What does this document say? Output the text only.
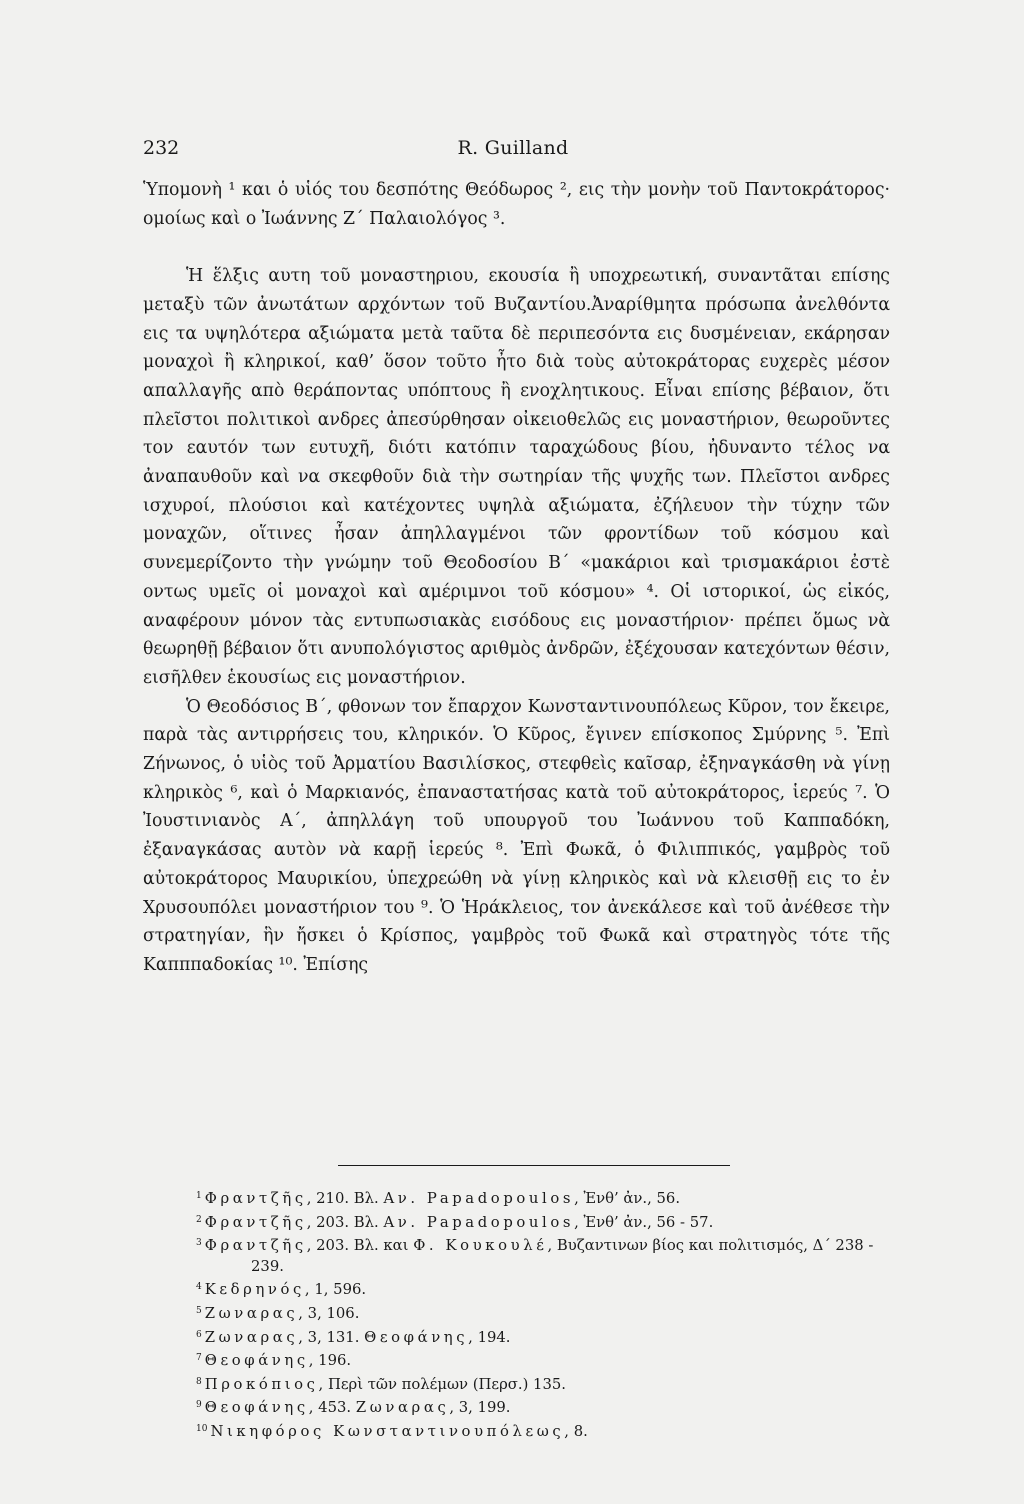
232	R. Guilland

Ὑπομονὴ ¹ και ὁ υἱός του δεσπότης Θεόδωρος ², εις τὴν μονὴν τοῦ Παντοκράτορος· ομοίως καὶ ο Ἰωάννης Ζ´ Παλαιολόγος ³.

Ἡ ἕλξις αυτη τοῦ μοναστηριου, εκουσία ἢ υποχρεωτική, συναντᾶται επίσης μεταξὺ τῶν ἀνωτάτων αρχόντων τοῦ Βυζαντίου.Ἀναρίθμητα πρόσωπα ἀνελθόντα εις τα υψηλότερα αξιώματα μετὰ ταῦτα δὲ περιπεσόντα εις δυσμένειαν, εκάρησαν μοναχοὶ ἢ κληρικοί, καθ’ ὅσον τοῦτο ἦτο διὰ τοὺς αὐτοκράτορας ευχερὲς μέσον απαλλαγῆς απὸ θεράποντας υπόπτους ἢ ενοχλητικους. Εἶναι επίσης βέβαιον, ὅτι πλεῖστοι πολιτικοὶ ανδρες ἀπεσύρθησαν οἰκειοθελῶς εις μοναστήριον, θεωροῦντες τον εαυτόν των ευτυχῆ, διότι κατόπιν ταραχώδους βίου, ἠδυναντο τέλος να ἀναπαυθοῦν καὶ να σκεφθοῦν διὰ τὴν σωτηρίαν τῆς ψυχῆς των. Πλεῖστοι ανδρες ισχυροί, πλούσιοι καὶ κατέχοντες υψηλὰ αξιώματα, ἐζήλευον τὴν τύχην τῶν μοναχῶν, οἵτινες ἦσαν ἀπηλλαγμένοι τῶν φροντίδων τοῦ κόσμου καὶ συνεμερίζοντο τὴν γνώμην τοῦ Θεοδοσίου Β´ «μακάριοι καὶ τρισμακάριοι ἐστὲ οντως υμεῖς οἱ μοναχοὶ καὶ αμέριμνοι τοῦ κόσμου» ⁴. Οἱ ιστορικοί, ὡς εἰκός, αναφέρουν μόνον τὰς εντυπωσιακὰς εισόδους εις μοναστήριον· πρέπει ὅμως νὰ θεωρηθῇ βέβαιον ὅτι ανυπολόγιστος αριθμὸς ἀνδρῶν, ἐξέχουσαν κατεχόντων θέσιν, εισῆλθεν ἑκουσίως εις μοναστήριον.

Ὁ Θεοδόσιος Β´, φθονων τον ἔπαρχον Κωνσταντινουπόλεως Κῦρον, τον ἔκειρε, παρὰ τὰς αντιρρήσεις του, κληρικόν. Ὁ Κῦρος, ἔγινεν επίσκοπος Σμύρνης ⁵. Ἐπὶ Ζήνωνος, ὁ υἱὸς τοῦ Ἀρματίου Βασιλίσκος, στεφθεὶς καῖσαρ, ἐξηναγκάσθη νὰ γίνῃ κληρικὸς ⁶, καὶ ὁ Μαρκιανός, ἐπαναστατήσας κατὰ τοῦ αὐτοκράτορος, ἱερεύς ⁷. Ὁ Ἰουστινιανὸς Α´, ἀπηλλάγη τοῦ υπουργοῦ του Ἰωάννου τοῦ Καππαδόκη, ἐξαναγκάσας αυτὸν νὰ καρῇ ἱερεύς ⁸. Ἐπὶ Φωκᾶ, ὁ Φιλιππικός, γαμβρὸς τοῦ αὐτοκράτορος Μαυρικίου, ὑπεχρεώθη νὰ γίνῃ κληρικὸς καὶ νὰ κλεισθῇ εις το ἐν Χρυσουπόλει μοναστήριον του ⁹. Ὁ Ἡράκλειος, τον ἀνεκάλεσε καὶ τοῦ ἀνέθεσε τὴν στρατηγίαν, ἣν ἤσκει ὁ Κρίσπος, γαμβρὸς τοῦ Φωκᾶ καὶ στρατηγὸς τότε τῆς Καπππαδοκίας ¹⁰. Ἐπίσης

$^1$ Φραντζῆς, 210. Βλ. Αν. Papadopoulos, Ἐνθ’ ἀν., 56.

$^2$ Φραντζῆς, 203. Βλ. Αν. Papadopoulos, Ἐνθ’ ἀν., 56 - 57.

$^3$ Φραντζῆς, 203. Βλ. και Φ. Κουκουλέ, Βυζαντινων βίος και πολιτισμός, Δ´ 238 - 239.

$^4$ Κεδρηνός, 1, 596.

$^5$ Ζωναρας, 3, 106.

$^6$ Ζωναρας, 3, 131. Θεοφάνης, 194.

$^7$ Θεοφάνης, 196.

$^8$ Προκόπιος, Περὶ τῶν πολέμων (Περσ.) 135.

$^9$ Θεοφάνης, 453. Ζωναρας, 3, 199.

$^{10}$ Νικηφόρος Κωνσταντινουπόλεως, 8.
